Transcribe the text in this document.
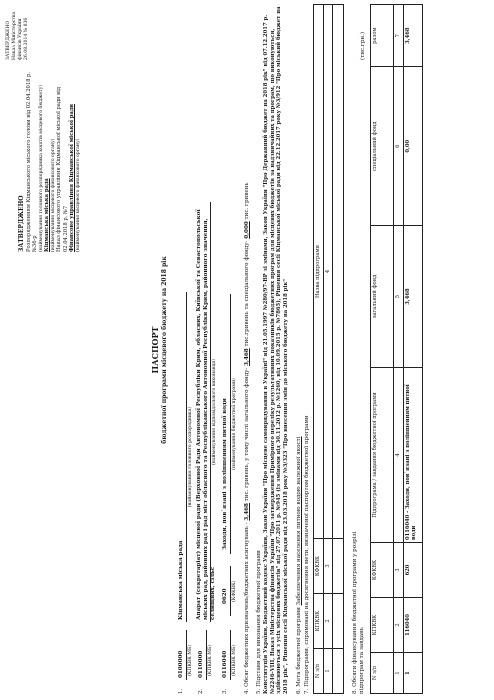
ЗАТВЕРДЖЕНО Наказ Міністерства фінансів України 26.08.2014 № 836
ЗАТВЕРДЖЕНО Розпорядженням Кіцманського міського голови від 02.04.2018 р. №36-р (найменування головного розпорядника коштів місцевого бюджету) Кіцманська міська рада (найменування місцевого фінансового органу) Наказ фінансового управління Кіцманської міської ради від 02.04.2018 р. №7 Фінансове управління Кіцманської міської ради (найменування місцевого фінансового органу)
ПАСПОРТ бюджетної програми місцевого бюджету на 2018 рік
1.
0100000 (КПКВК МБ)
Кіцманська міська рада
(найменування головного розпорядника)
2.
0110000 (КПКВК МБ)
Апарат (секретаріат) місцевої ради (Верховної Ради Автономної Республіки Крим, обласних, Київської та Севастопольської міських рад, районних рад і рад міст обласного та Республіканського Автономної Республіки Крим, районного значення, селищних, сільс
(найменування відповідального виконавця)
3.
0116040 (КПКВК МБ)
0620 (КФКВК)
Заходи, пов`язані з поліпшенням питної води (найменування бюджетної програми)
4. Обсяг бюджетних призначень/бюджетних асигнувань - 3,468 тис. гривень, у тому числі загального фонду- 3,468 тис.гривень та спеціального фонду- 0,000 тис. гривень
5. Підстави для виконання бюджетної програми Конституція України, Бюджетний кодекс України, Закон України "Про місцеве самоврядування в Україні" від 21.05.1997 №280/97-ВР зі змінами, Закон України "Про Державний бюджет на 2018 рік" від 07.12.2017 р. №2246-VIII, Наказ Міністерства фінансів України "Про затвердження Примірного переліку результативних показників бюджетних програм для місцевих бюджетів за надзвичайних та програм, що виконуються, здійснюються з усіх місцевих бюджетів" від 27.07.2011 р. №945 (із змінами від 30.11.2012 р. №1260, від 10.09.2015 р. №7865), Рішення сесії Кіцманської міської ради від 22.12.2017 року №3/912 "Про міський бюджет на 2018 рік", Рішення сесії Кіцманської міської ради від 23.03.2018 року №3/323 "Про внесення змін до міського бюджету на 2018 рік" 6. Мета бюджетної програми Забезпечення населення питною водою належної якості 7. Підпрограми, спрямовані на досягнення мети, визначеної паспортом бюджетної програми N з/п	КПКВК	КФКВК	Назва підпрограми
1	2	3	4

8. Обсяги фінансування бюджетної програми у розрізі підпрограм та завдань
(тис.грн.)
N з/п	КПКВК	КФКВК	Підпрограма / завдання бюджетної програми	загальний фонд	спеціальний фонд	разом
1	2	3	4	5	6	7
1	116040	620	0116040 - Заходи, пов`язані з поліпшенням питної води	3,468	0,00	3,468
